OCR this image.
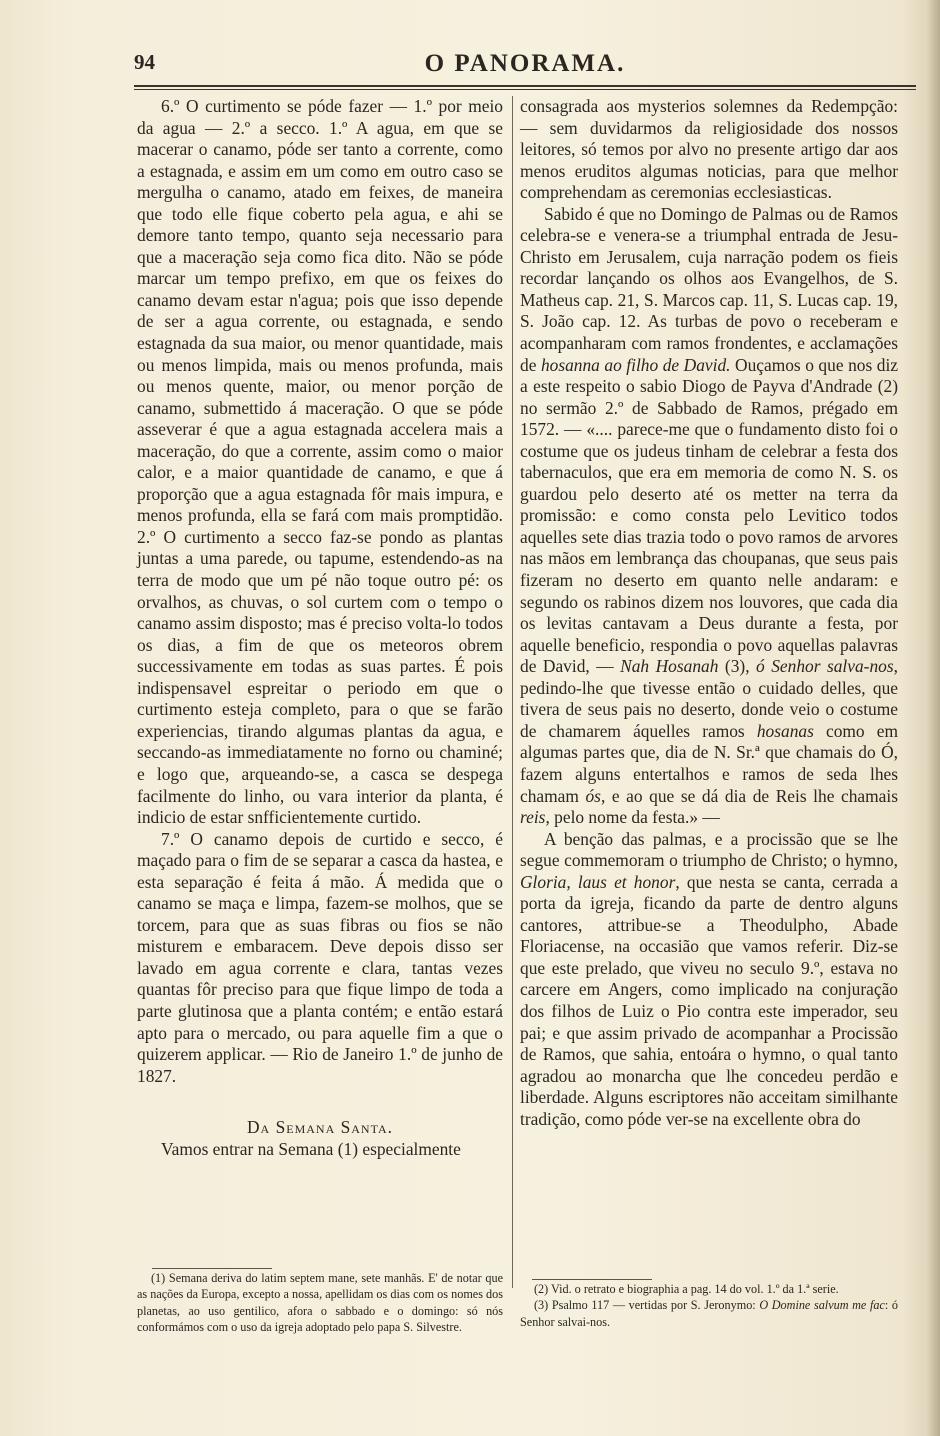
94	O PANORAMA.

6.º O curtimento se póde fazer — 1.º por meio da agua — 2.º a secco. 1.º A agua, em que se macerar o canamo, póde ser tanto a corrente, como a estagnada, e assim em um como em outro caso se mergulha o canamo, atado em feixes, de maneira que todo elle fique coberto pela agua, e ahi se demore tanto tempo, quanto seja necessario para que a maceração seja como fica dito. Não se póde marcar um tempo prefixo, em que os feixes do canamo devam estar n'agua; pois que isso depende de ser a agua corrente, ou estagnada, e sendo estagnada da sua maior, ou menor quantidade, mais ou menos limpida, mais ou menos profunda, mais ou menos quente, maior, ou menor porção de canamo, submettido á maceração. O que se póde asseverar é que a agua estagnada accelera mais a maceração, do que a corrente, assim como o maior calor, e a maior quantidade de canamo, e que á proporção que a agua estagnada fôr mais impura, e menos profunda, ella se fará com mais promptidão. 2.º O curtimento a secco faz-se pondo as plantas juntas a uma parede, ou tapume, estendendo-as na terra de modo que um pé não toque outro pé: os orvalhos, as chuvas, o sol curtem com o tempo o canamo assim disposto; mas é preciso volta-lo todos os dias, a fim de que os meteoros obrem successivamente em todas as suas partes. É pois indispensavel espreitar o periodo em que o curtimento esteja completo, para o que se farão experiencias, tirando algumas plantas da agua, e seccando-as immediatamente no forno ou chaminé; e logo que, arqueando-se, a casca se despega facilmente do linho, ou vara interior da planta, é indicio de estar snfficientemente curtido.

7.º O canamo depois de curtido e secco, é maçado para o fim de se separar a casca da hastea, e esta separação é feita á mão. Á medida que o canamo se maça e limpa, fazem-se molhos, que se torcem, para que as suas fibras ou fios se não misturem e embaracem. Deve depois disso ser lavado em agua corrente e clara, tantas vezes quantas fôr preciso para que fique limpo de toda a parte glutinosa que a planta contém; e então estará apto para o mercado, ou para aquelle fim a que o quizerem applicar. — Rio de Janeiro 1.º de junho de 1827.

Da Semana Santa.

Vamos entrar na Semana (1) especialmente

(1) Semana deriva do latim septem mane, sete manhãs. E' de notar que as nações da Europa, excepto a nossa, apellidam os dias com os nomes dos planetas, ao uso gentilico, afora o sabbado e o domingo: só nós conformámos com o uso da igreja adoptado pelo papa S. Silvestre.

consagrada aos mysterios solemnes da Redempção: — sem duvidarmos da religiosidade dos nossos leitores, só temos por alvo no presente artigo dar aos menos eruditos algumas noticias, para que melhor comprehendam as ceremonias ecclesiasticas.

Sabido é que no Domingo de Palmas ou de Ramos celebra-se e venera-se a triumphal entrada de Jesu-Christo em Jerusalem, cuja narração podem os fieis recordar lançando os olhos aos Evangelhos, de S. Matheus cap. 21, S. Marcos cap. 11, S. Lucas cap. 19, S. João cap. 12. As turbas de povo o receberam e acompanharam com ramos frondentes, e acclamações de hosanna ao filho de David. Ouçamos o que nos diz a este respeito o sabio Diogo de Payva d'Andrade (2) no sermão 2.º de Sabbado de Ramos, prégado em 1572. — «.... parece-me que o fundamento disto foi o costume que os judeus tinham de celebrar a festa dos tabernaculos, que era em memoria de como N. S. os guardou pelo deserto até os metter na terra da promissão: e como consta pelo Levitico todos aquelles sete dias trazia todo o povo ramos de arvores nas mãos em lembrança das choupanas, que seus pais fizeram no deserto em quanto nelle andaram: e segundo os rabinos dizem nos louvores, que cada dia os levitas cantavam a Deus durante a festa, por aquelle beneficio, respondia o povo aquellas palavras de David, — Nah Hosanah (3), ó Senhor salva-nos, pedindo-lhe que tivesse então o cuidado delles, que tivera de seus pais no deserto, donde veio o costume de chamarem áquelles ramos hosanas como em algumas partes que, dia de N. Sr.ª que chamais do Ó, fazem alguns entertalhos e ramos de seda lhes chamam ós, e ao que se dá dia de Reis lhe chamais reis, pelo nome da festa.» —

A benção das palmas, e a procissão que se lhe segue commemoram o triumpho de Christo; o hymno, Gloria, laus et honor, que nesta se canta, cerrada a porta da igreja, ficando da parte de dentro alguns cantores, attribue-se a Theodulpho, Abade Floriacense, na occasião que vamos referir. Diz-se que este prelado, que viveu no seculo 9.º, estava no carcere em Angers, como implicado na conjuração dos filhos de Luiz o Pio contra este imperador, seu pai; e que assim privado de acompanhar a Procissão de Ramos, que sahia, entoára o hymno, o qual tanto agradou ao monarcha que lhe concedeu perdão e liberdade. Alguns escriptores não acceitam similhante tradição, como póde ver-se na excellente obra do

(2) Vid. o retrato e biographia a pag. 14 do vol. 1.º da 1.ª serie.

(3) Psalmo 117 — vertidas por S. Jeronymo: O Domine salvum me fac: ó Senhor salvai-nos.
